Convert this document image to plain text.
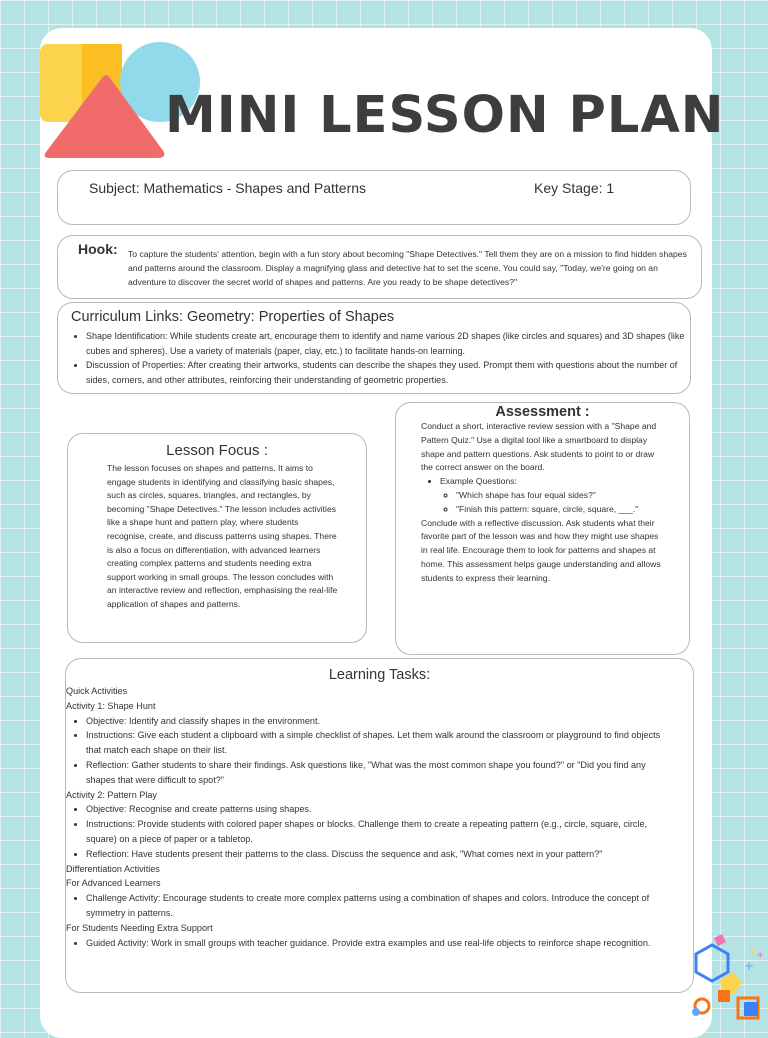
MINI LESSON PLAN
Subject: Mathematics - Shapes and Patterns	Key Stage: 1
Hook: To capture the students' attention, begin with a fun story about becoming "Shape Detectives." Tell them they are on a mission to find hidden shapes and patterns around the classroom. Display a magnifying glass and detective hat to set the scene. You could say, "Today, we're going on an adventure to discover the secret world of shapes and patterns. Are you ready to be shape detectives?"
Curriculum Links: Geometry: Properties of Shapes
• Shape Identification: While students create art, encourage them to identify and name various 2D shapes (like circles and squares) and 3D shapes (like cubes and spheres). Use a variety of materials (paper, clay, etc.) to facilitate hands-on learning.
• Discussion of Properties: After creating their artworks, students can describe the shapes they used. Prompt them with questions about the number of sides, corners, and other attributes, reinforcing their understanding of geometric properties.
Lesson Focus :
The lesson focuses on shapes and patterns. It aims to engage students in identifying and classifying basic shapes, such as circles, squares, triangles, and rectangles, by becoming "Shape Detectives." The lesson includes activities like a shape hunt and pattern play, where students recognise, create, and discuss patterns using shapes. There is also a focus on differentiation, with advanced learners creating complex patterns and students needing extra support working in small groups. The lesson concludes with an interactive review and reflection, emphasising the real-life application of shapes and patterns.
Assessment :

Conduct a short, interactive review session with a "Shape and Pattern Quiz." Use a digital tool like a smartboard to display shape and pattern questions. Ask students to point to or draw the correct answer on the board.

• Example Questions:
◦ "Which shape has four equal sides?"
◦ "Finish this pattern: square, circle, square, ___."

Conclude with a reflective discussion. Ask students what their favorite part of the lesson was and how they might use shapes in real life. Encourage them to look for patterns and shapes at home. This assessment helps gauge understanding and allows students to express their learning.

Learning Tasks:

Quick Activities

Activity 1: Shape Hunt

• Objective: Identify and classify shapes in the environment.
• Instructions: Give each student a clipboard with a simple checklist of shapes. Let them walk around the classroom or playground to find objects that match each shape on their list.
• Reflection: Gather students to share their findings. Ask questions like, "What was the most common shape you found?" or "Did you find any shapes that were difficult to spot?"

Activity 2: Pattern Play

• Objective: Recognise and create patterns using shapes.
• Instructions: Provide students with colored paper shapes or blocks. Challenge them to create a repeating pattern (e.g., circle, square, circle, square) on a piece of paper or a tabletop.
• Reflection: Have students present their patterns to the class. Discuss the sequence and ask, "What comes next in your pattern?"

Differentiation Activities

For Advanced Learners

• Challenge Activity: Encourage students to create more complex patterns using a combination of shapes and colors. Introduce the concept of symmetry in patterns.

For Students Needing Extra Support

• Guided Activity: Work in small groups with teacher guidance. Provide extra examples and use real-life objects to reinforce shape recognition.
+
+
+
